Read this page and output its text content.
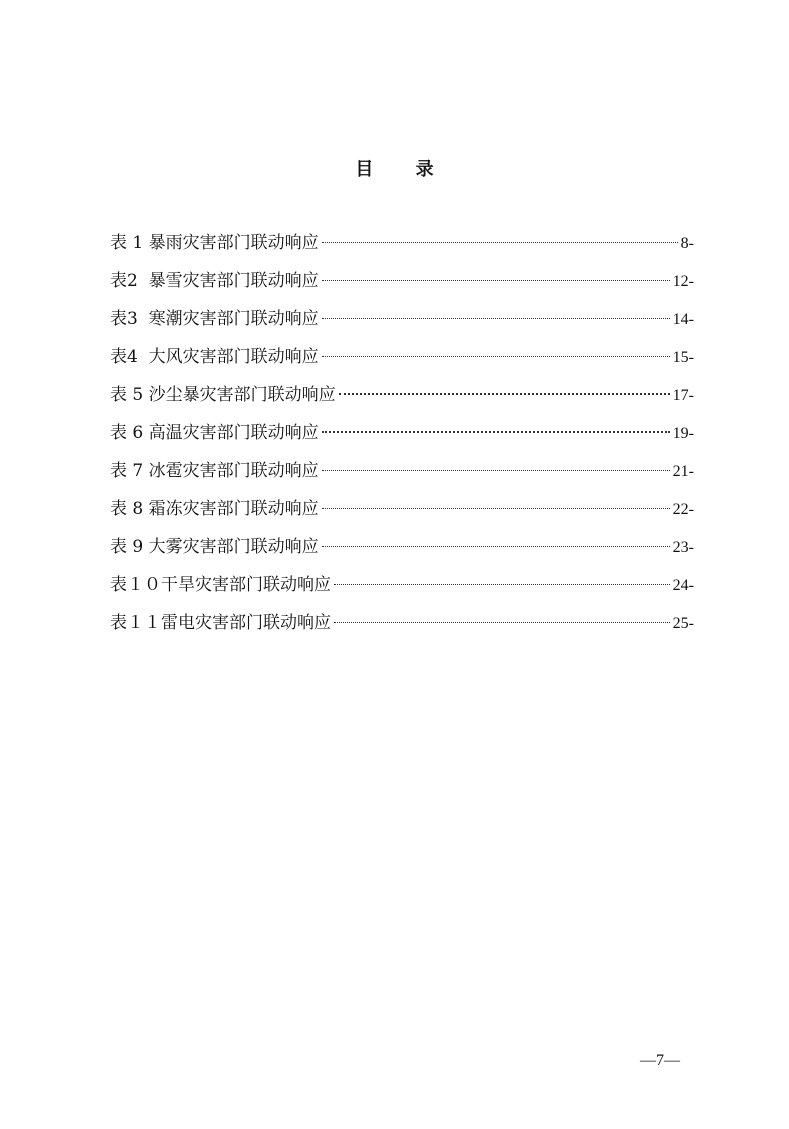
目 录
表 1 暴雨灾害部门联动响应	8-
表2  暴雪灾害部门联动响应	12-
表3  寒潮灾害部门联动响应	14-
表4  大风灾害部门联动响应	15-
表 5 沙尘暴灾害部门联动响应	17-
表 6 高温灾害部门联动响应	19-
表 7 冰雹灾害部门联动响应	21-
表 8 霜冻灾害部门联动响应	22-
表 9 大雾灾害部门联动响应	23-
表１０干旱灾害部门联动响应	24-
表１１雷电灾害部门联动响应	25-
—7—
